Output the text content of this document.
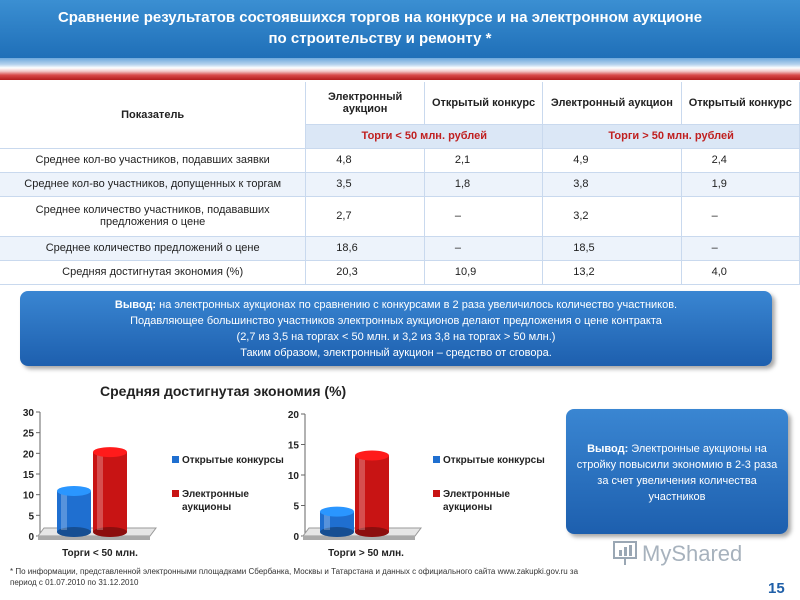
Сравнение результатов состоявшихся торгов на конкурсе и на электронном аукционе
по строительству и ремонту *
Показатель	Электронный аукцион	Открытый конкурс	Электронный аукцион	Открытый конкурс
	Торги < 50 млн. рублей		Торги > 50 млн. рублей	
Среднее кол-во участников, подавших заявки	4,8	2,1	4,9	2,4
Среднее кол-во участников, допущенных к торгам	3,5	1,8	3,8	1,9
Среднее количество участников, подававших предложения о цене	2,7	–	3,2	–
Среднее количество предложений о цене	18,6	–	18,5	–
Средняя достигнутая экономия (%)	20,3	10,9	13,2	4,0

Вывод: на электронных аукционах по сравнению с конкурсами в 2 раза увеличилось количество участников.
Подавляющее большинство участников электронных аукционов делают предложения о цене контракта
(2,7 из 3,5 на торгах < 50 млн. и 3,2 из 3,8 на торгах > 50 млн.)
Таким образом, электронный аукцион – средство от сговора.

Средняя достигнутая экономия (%)
0
5
10
15
20
25
30
Торги < 50 млн.
Открытые конкурсы
Электронные
аукционы
0
5
10
15
20
Торги > 50 млн.
Открытые конкурсы
Электронные
аукционы

Вывод: Электронные аукционы на стройку повысили экономию в 2-3 раза за счет увеличения количества участников

MyShared
* По информации, представленной электронными площадками Сбербанка, Москвы и Татарстана и данных с официального сайта www.zakupki.gov.ru за
период с 01.07.2010 по 31.12.2010	15
